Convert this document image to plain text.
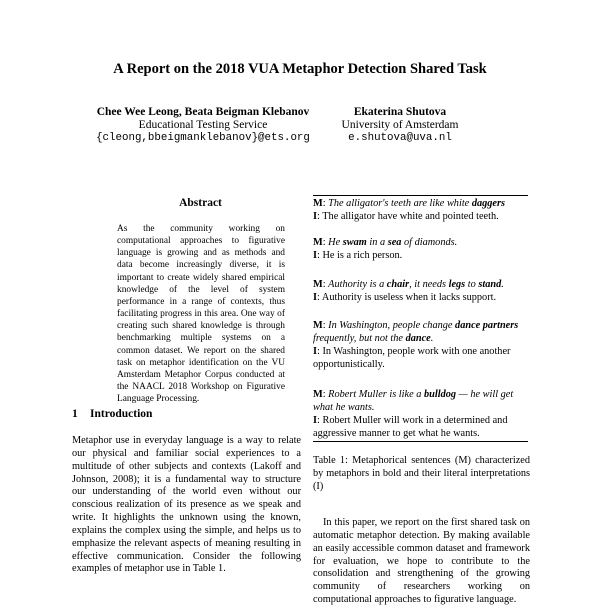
A Report on the 2018 VUA Metaphor Detection Shared Task
Chee Wee Leong, Beata Beigman Klebanov
Educational Testing Service
{cleong,bbeigmanklebanov}@ets.org
Ekaterina Shutova
University of Amsterdam
e.shutova@uva.nl
Abstract
As the community working on computational approaches to figurative language is growing and as methods and data become increasingly diverse, it is important to create widely shared empirical knowledge of the level of system performance in a range of contexts, thus facilitating progress in this area. One way of creating such shared knowledge is through benchmarking multiple systems on a common dataset. We report on the shared task on metaphor identification on the VU Amsterdam Metaphor Corpus conducted at the NAACL 2018 Workshop on Figurative Language Processing.
1 Introduction
Metaphor use in everyday language is a way to relate our physical and familiar social experiences to a multitude of other subjects and contexts (Lakoff and Johnson, 2008); it is a fundamental way to structure our understanding of the world even without our conscious realization of its presence as we speak and write. It highlights the unknown using the known, explains the complex using the simple, and helps us to emphasize the relevant aspects of meaning resulting in effective communication. Consider the following examples of metaphor use in Table 1.

M: The alligator's teeth are like white daggers

I: The alligator have white and pointed teeth.

M: He swam in a sea of diamonds.

I: He is a rich person.

M: Authority is a chair, it needs legs to stand.

I: Authority is useless when it lacks support.

M: In Washington, people change dance partners frequently, but not the dance.

I: In Washington, people work with one another opportunistically.

M: Robert Muller is like a bulldog — he will get what he wants.

I: Robert Muller will work in a determined and aggressive manner to get what he wants.

Table 1: Metaphorical sentences (M) characterized by metaphors in bold and their literal interpretations (I)
In this paper, we report on the first shared task on automatic metaphor detection. By making available an easily accessible common dataset and framework for evaluation, we hope to contribute to the consolidation and strengthening of the growing community of researchers working on computational approaches to figurative language.
